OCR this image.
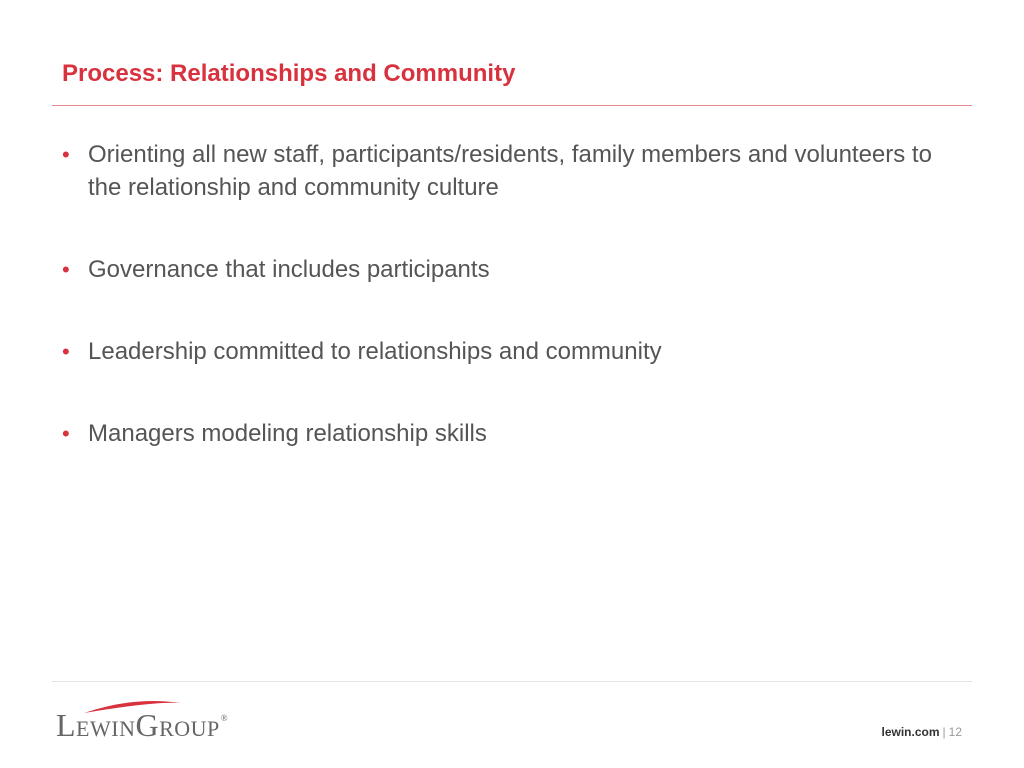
Process: Relationships and Community
• Orienting all new staff, participants/residents, family members and volunteers to the relationship and community culture
• Governance that includes participants
• Leadership committed to relationships and community
• Managers modeling relationship skills
LEWINGROUP®
lewin.com | 12
